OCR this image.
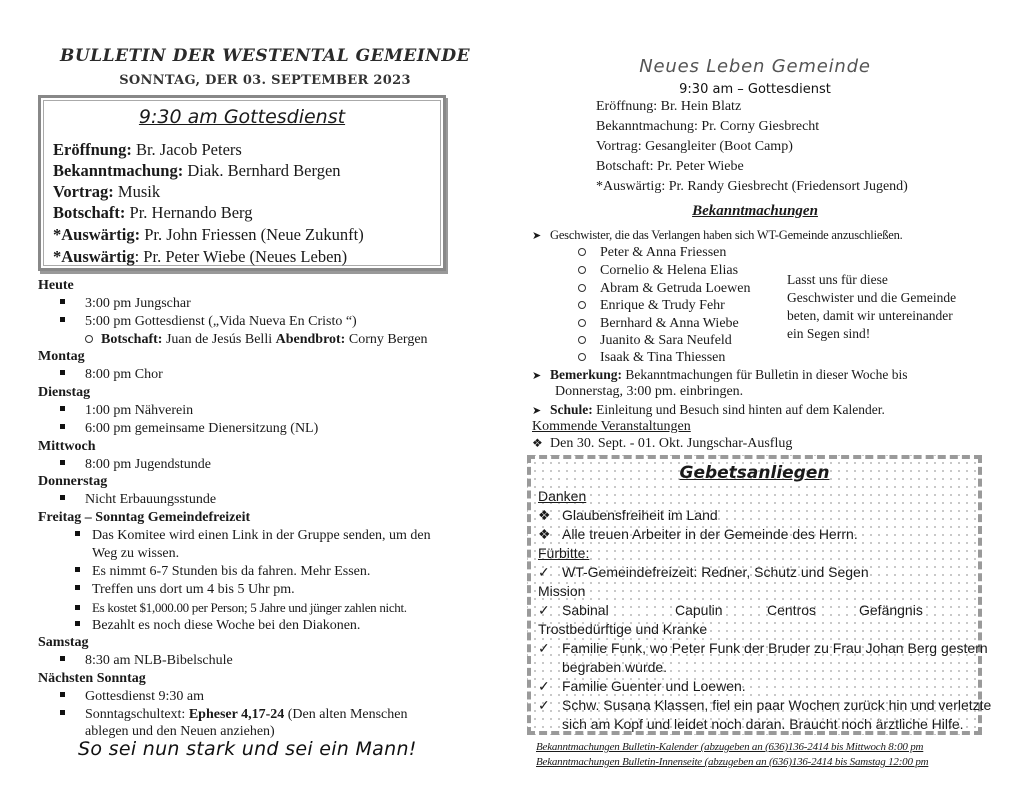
BULLETIN DER WESTENTAL GEMEINDE
SONNTAG, DER 03. SEPTEMBER 2023
9:30 am Gottesdienst
Eröffnung: Br. Jacob Peters
Bekanntmachung: Diak. Bernhard Bergen
Vortrag: Musik
Botschaft: Pr. Hernando Berg
*Auswärtig: Pr. John Friessen (Neue Zukunft)
*Auswärtig: Pr. Peter Wiebe (Neues Leben)
Heute
3:00 pm Jungschar
5:00 pm Gottesdienst („Vida Nueva En Cristo “)
Botschaft: Juan de Jesús Belli Abendbrot: Corny Bergen
Montag
8:00 pm Chor
Dienstag
1:00 pm Nähverein
6:00 pm gemeinsame Dienersitzung (NL)
Mittwoch
8:00 pm Jugendstunde
Donnerstag
Nicht Erbauungsstunde
Freitag – Sonntag Gemeindefreizeit
Das Komitee wird einen Link in der Gruppe senden, um den
Weg zu wissen.
Es nimmt 6-7 Stunden bis da fahren. Mehr Essen.
Treffen uns dort um 4 bis 5 Uhr pm.
Es kostet $1,000.00 per Person; 5 Jahre und jünger zahlen nicht.
Bezahlt es noch diese Woche bei den Diakonen.
Samstag
8:30 am NLB-Bibelschule
Nächsten Sonntag
Gottesdienst 9:30 am
Sonntagschultext: Epheser 4,17-24 (Den alten Menschen
ablegen und den Neuen anziehen)
So sei nun stark und sei ein Mann!
Neues Leben Gemeinde
9:30 am – Gottesdienst
Eröffnung: Br. Hein Blatz
Bekanntmachung: Pr. Corny Giesbrecht
Vortrag: Gesangleiter (Boot Camp)
Botschaft: Pr. Peter Wiebe
*Auswärtig: Pr. Randy Giesbrecht (Friedensort Jugend)
Bekanntmachungen
➤ Geschwister, die das Verlangen haben sich WT-Gemeinde anzuschließen.
Peter & Anna Friessen
Cornelio & Helena Elias
Abram & Getruda Loewen
Enrique & Trudy Fehr
Bernhard & Anna Wiebe
Juanito & Sara Neufeld
Isaak & Tina Thiessen
Lasst uns für diese
Geschwister und die Gemeinde
beten, damit wir untereinander
ein Segen sind!
➤ Bemerkung: Bekanntmachungen für Bulletin in dieser Woche bis
Donnerstag, 3:00 pm. einbringen.
➤ Schule: Einleitung und Besuch sind hinten auf dem Kalender.
Kommende Veranstaltungen
❖ Den 30. Sept. - 01. Okt. Jungschar-Ausflug
Gebetsanliegen
Danken
❖ Glaubensfreiheit im Land
❖ Alle treuen Arbeiter in der Gemeinde des Herrn.
Fürbitte:
✓ WT-Gemeindefreizeit: Redner, Schutz und Segen
Mission
✓ Sabinal	Capulin	Centros	Gefängnis
Trostbedürftige und Kranke
✓ Familie Funk, wo Peter Funk der Bruder zu Frau Johan Berg gestern
begraben wurde.
✓ Familie Guenter und Loewen.
✓ Schw. Susana Klassen, fiel ein paar Wochen zurück hin und verletzte
sich am Kopf und leidet noch daran. Braucht noch ärztliche Hilfe.
Bekanntmachungen Bulletin-Kalender (abzugeben an (636)136-2414 bis Mittwoch 8:00 pm
Bekanntmachungen Bulletin-Innenseite (abzugeben an (636)136-2414 bis Samstag 12:00 pm
